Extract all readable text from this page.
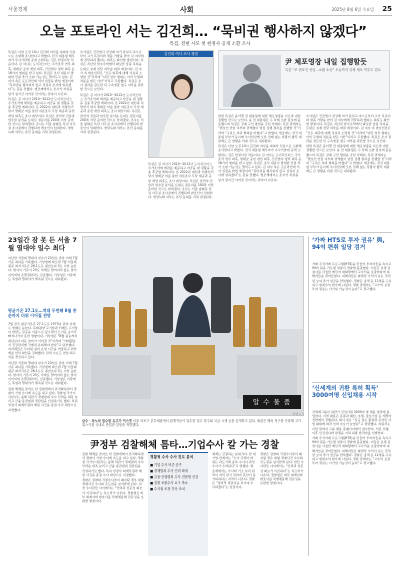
서울경제	사회	2025년 8월 6일 수요일 25
오늘 포토라인 서는 김건희… “묵비권 행사하지 않겠다”
특검, 전현 사모 첫 헌정사 공개 소환 조사

특검은 이날 오전 10시 김건희 여사를 피의자 신분으로 소환해 조사한다고 밝혔다. 전직 대통령 배우자가 수사기관에 공개 소환되는 것은 헌정사상 처음이다. 김 여사는 도이치모터스 주가조작 연루 의혹, 명태균 공천 개입 의혹, 건진법사 청탁 의혹 등 16가지 혐의를 받고 있다. 특검은 조사 내용이 방대한 만큼 추가 소환 가능성도 열어두고 있다. 김 여사 측은 포토라인에 서서 입장을 밝힐 예정이며 “묵비권을 행사하지 않고 성실히 조사에 임하겠다”는 뜻을 전했다. 법조계에서는 조사가 자정을 넘겨 장시간 이어질 것이라는 관측이 나온다.

특검은 김 여사가 2010~2012년 도이치모터스 주가조작에 계좌를 제공하고 자금을 댄 정황을 집중 추궁할 계획이다. 또 2022년 대선과 지방선거 당시 명태균 씨를 통한 여론조사 무상 제공과 공천 개입 의혹도 조사 대상이다. 특검은 관련자 진술과 압수물 분석을 토대로 질문지를 200쪽 이상 준비한 것으로 알려졌다. 조사는 서울 광화문 특검 사무실 조사실에서 진행되며 변호인이 입회한다. 영상녹화 여부는 본인 동의를 거쳐 결정된다.

수사팀은 건진법사 전성배 씨가 통일교 측으로부터 고가 목걸이와 명품 가방을 받아 김 여사에게 전달하려 했다는 의혹도 확인할 방침이다. 특검은 지난달 압수수색에서 확보한 물품 목록을 토대로 실제 전달 여부를 따질 예정이다. 김 여사 측 변호인단은 “모든 의혹에 대해 성실히 소명할 것”이라며 “다만 일부 혐의는 이미 무혐의 처분을 받은 사안”이라고 주장했다. 특검은 조사 결과를 검토한 뒤 구속영장 청구 여부를 판단할 것으로 보인다.

특검은 김 여사가 2010~2012년 도이치모터스 주가조작에 계좌를 제공하고 자금을 댄 정황을 집중 추궁할 계획이다. 또 2022년 대선과 지방선거 당시 명태균 씨를 통한 여론조사 무상 제공과 공천 개입 의혹도 조사 대상이다. 특검은 관련자 진술과 압수물 분석을 토대로 질문지를 200쪽 이상 준비한 것으로 알려졌다. 조사는 서울 광화문 특검 사무실 조사실에서 진행되며 변호인이 입회한다. 영상녹화 여부는 본인 동의를 거쳐 결정된다.

김건희 여사 조사 쟁점
尹 체포영장 내일 집행할듯
특검 “尹 변호인 선임…소환 소송” 오늘까지 강제 체포 여부도 검토

한편 특검은 윤석열 전 대통령에 대한 체포영장을 이르면 내일 집행할 것으로 보인다. 윤 전 대통령은 두 차례 소환 통보에 불응했으며 특검은 강제 구인 방침을 굳힌 상태다. 특검 관계자는 “변호인 선임 여부와 관계없이 영장 집행 절차를 진행할 것”이라며 “구치소 측과 협의를 마쳤다”고 밝혔다. 법조계는 전직 대통령 부부가 동시에 수사선상에 오른 전례 없는 상황이 향후 재판에도 큰 영향을 미칠 것으로 내다봤다.

특검은 이날 오전 10시 김건희 여사를 피의자 신분으로 소환해 조사한다고 밝혔다. 전직 대통령 배우자가 수사기관에 공개 소환되는 것은 헌정사상 처음이다. 김 여사는 도이치모터스 주가조작 연루 의혹, 명태균 공천 개입 의혹, 건진법사 청탁 의혹 등 16가지 혐의를 받고 있다. 특검은 조사 내용이 방대한 만큼 추가 소환 가능성도 열어두고 있다. 김 여사 측은 포토라인에 서서 입장을 밝힐 예정이며 “묵비권을 행사하지 않고 성실히 조사에 임하겠다”는 뜻을 전했다. 법조계에서는 조사가 자정을 넘겨 장시간 이어질 것이라는 관측이 나온다.

수사팀은 건진법사 전성배 씨가 통일교 측으로부터 고가 목걸이와 명품 가방을 받아 김 여사에게 전달하려 했다는 의혹도 확인할 방침이다. 특검은 지난달 압수수색에서 확보한 물품 목록을 토대로 실제 전달 여부를 따질 예정이다. 김 여사 측 변호인단은 “모든 의혹에 대해 성실히 소명할 것”이라며 “다만 일부 혐의는 이미 무혐의 처분을 받은 사안”이라고 주장했다. 특검은 조사 결과를 검토한 뒤 구속영장 청구 여부를 판단할 것으로 보인다.

한편 특검은 윤석열 전 대통령에 대한 체포영장을 이르면 내일 집행할 것으로 보인다. 윤 전 대통령은 두 차례 소환 통보에 불응했으며 특검은 강제 구인 방침을 굳힌 상태다. 특검 관계자는 “변호인 선임 여부와 관계없이 영장 집행 절차를 진행할 것”이라며 “구치소 측과 협의를 마쳤다”고 밝혔다. 법조계는 전직 대통령 부부가 동시에 수사선상에 오른 전례 없는 상황이 향후 재판에도 큰 영향을 미칠 것으로 내다봤다.

특검은 김 여사가 2010~2012년 도이치모터스 주가조작에 계좌를 제공하고 자금을 댄 정황을 집중 추궁할 계획이다. 또 2022년 대선과 지방선거 당시 명태균 씨를 통한 여론조사 무상 제공과 공천 개입 의혹도 조사 대상이다. 특검은 관련자 진술과 압수물 분석을 토대로 질문지를 200쪽 이상 준비한 것으로 알려졌다. 조사는 서울 광화문 특검 사무실 조사실에서 진행되며 변호인이 입회한다. 영상녹화 여부는 본인 동의를 거쳐 결정된다.

23일간 잠 못 든 서울 7월 열대야 일수 최다

지난달 서울의 열대야 일수가 23일로 관측 이래 7월 기준 최다를 기록했다. 기상청에 따르면 7월 서울의 평균 최저기온은 26.1도로 평년보다 3도 이상 높았다. 밤사이 기온이 25도 아래로 떨어지지 않는 날이 이어지며 온열질환자도 급증했다. 기상청은 이달에도 폭염과 열대야가 계속될 것으로 내다봤다.

평균기온 27.1도…역대 두번째 8월 중순까지 더위 이어질 전망

7월 전국 평균기온은 27.1도로 1973년 관측 이래 두 번째로 높았다. 북태평양 고기압과 티베트 고기압이 한반도 상공을 이중으로 덮으면서 뜨거운 공기가 빠져나가지 못한 영향이다. 기상청은 “8월 중순까지 평년보다 더운 날씨가 이어질 것”이라며 “야외활동 시 건강관리에 각별히 유의해야 한다”고 당부했다. 지자체들은 무더위 쉼터 운영 시간을 연장하고 취약계층 안부 확인을 강화했다. 전력 수요도 연일 최고치를 경신하고 있다.

지난달 서울의 열대야 일수가 23일로 관측 이래 7월 기준 최다를 기록했다. 기상청에 따르면 7월 서울의 평균 최저기온은 26.1도로 평년보다 3도 이상 높았다. 밤사이 기온이 25도 아래로 떨어지지 않는 날이 이어지며 온열질환자도 급증했다. 기상청은 이달에도 폭염과 열대야가 계속될 것으로 내다봤다.

검찰 해체를 골자로 한 검찰개혁이 본격화하면서 경찰이 기업 수사에 속도를 내고 있다. 경찰청 국가수사본부는 올해 하반기 경제범죄 수사 인력을 대폭 늘리고 금융·증권범죄 전담팀을 신설하기로 했다. 특히 상장사 회계부정과 배임 사건을 중점 수사 대상으로 지정했다.

압 수 물 품
금수 · 파노라 밀수한 유고가 커스켓 서울 마포구 중부세관에서 관계자들이 압수한 밀수 양주와 고급 시계 등을 공개하고 있다. 세관은 해외 직구를 가장해 고가 위스키를 국내로 반입한 일당을 적발했다.
연합뉴스
尹정부 검찰해체 틈타…기업수사 칼 가는 경찰

검찰 해체를 골자로 한 검찰개혁이 본격화하면서 경찰이 기업 수사에 속도를 내고 있다. 경찰청 국가수사본부는 올해 하반기 경제범죄 수사 인력을 대폭 늘리고 금융·증권범죄 전담팀을 신설하기로 했다. 특히 상장사 회계부정과 배임 사건을 중점 수사 대상으로 지정했다.

경찰은 검찰의 직접수사권이 폐지될 경우 대형 경제사건 수사의 주도권을 넘겨받게 된다. 일선 수사관들 사이에서는 “인력과 전문성 확보가 시급하다”는 목소리가 나온다. 경찰청은 외부 회계사와 변호사를 특별채용해 전문성을 보완할 방침이다.

경찰청 수사 수사 진도 분석
■ 기업 수사 비중 증가
■ 경제범죄 수사 인력 확대
■ 금융·증권범죄 수사 전담팀 신설
■ 검찰 보완수사 요구 축소
■ 수사권 조정 후속 조치

재계는 긴장하는 분위기다. 한 대기업 관계자는 “수사 주체가 바뀌는 과도기에 중복 수사나 과잉 수사가 우려된다”고 말했다. 법조계에서는 수사와 기소 분리 원칙이 자리 잡기 전까지 혼선이 불가피하다는 지적이 나온다. 경찰은 “절차적 정당성을 지키며 수사하겠다”는 입장이다.

경찰은 검찰의 직접수사권이 폐지될 경우 대형 경제사건 수사의 주도권을 넘겨받게 된다. 일선 수사관들 사이에서는 “인력과 전문성 확보가 시급하다”는 목소리가 나온다. 경찰청은 외부 회계사와 변호사를 특별채용해 전문성을 보완할 방침이다.

‘가짜 HTS로 투자 권유’ 與, 94억 편취 일당 검거

가짜 주식거래 프로그램(HTS)을 만들어 투자자들을 속이고 94억 원을 가로챈 일당이 경찰에 붙잡혔다. 이들은 유명 증권사를 사칭한 메신저 대화방에서 고수익을 보장한다며 피해자들을 끌어들였다. 피해자들은 화면상 수익이 나는 것처럼 보여 추가 입금을 반복했다. 경찰은 총책 등 12명을 구속하고 범죄수익 환수에 나섰다. 경찰 관계자는 “고수익 보장 투자 권유는 사기일 가능성이 높다”고 경고했다.

‘신세계의 귀환 특허 획득’ 3000여명 신입채용 시작

신세계그룹이 하반기 신입사원 3000여 명 채용 절차에 돌입한다. 이번 채용은 유통과 패션, 호텔, 정보기술 등 계열사 전반에서 진행된다. 회사 측은 “신규 점포 출점과 온라인 사업 확대에 따라 인력 수요가 늘었다”고 설명했다. 지원서는 이달 말까지 그룹 채용 홈페이지에서 접수한다. 서류 전형 이후 인성검사와 면접을 거쳐 최종 합격자를 선발한다.

가짜 주식거래 프로그램(HTS)을 만들어 투자자들을 속이고 94억 원을 가로챈 일당이 경찰에 붙잡혔다. 이들은 유명 증권사를 사칭한 메신저 대화방에서 고수익을 보장한다며 피해자들을 끌어들였다. 피해자들은 화면상 수익이 나는 것처럼 보여 추가 입금을 반복했다. 경찰은 총책 등 12명을 구속하고 범죄수익 환수에 나섰다. 경찰 관계자는 “고수익 보장 투자 권유는 사기일 가능성이 높다”고 경고했다.
